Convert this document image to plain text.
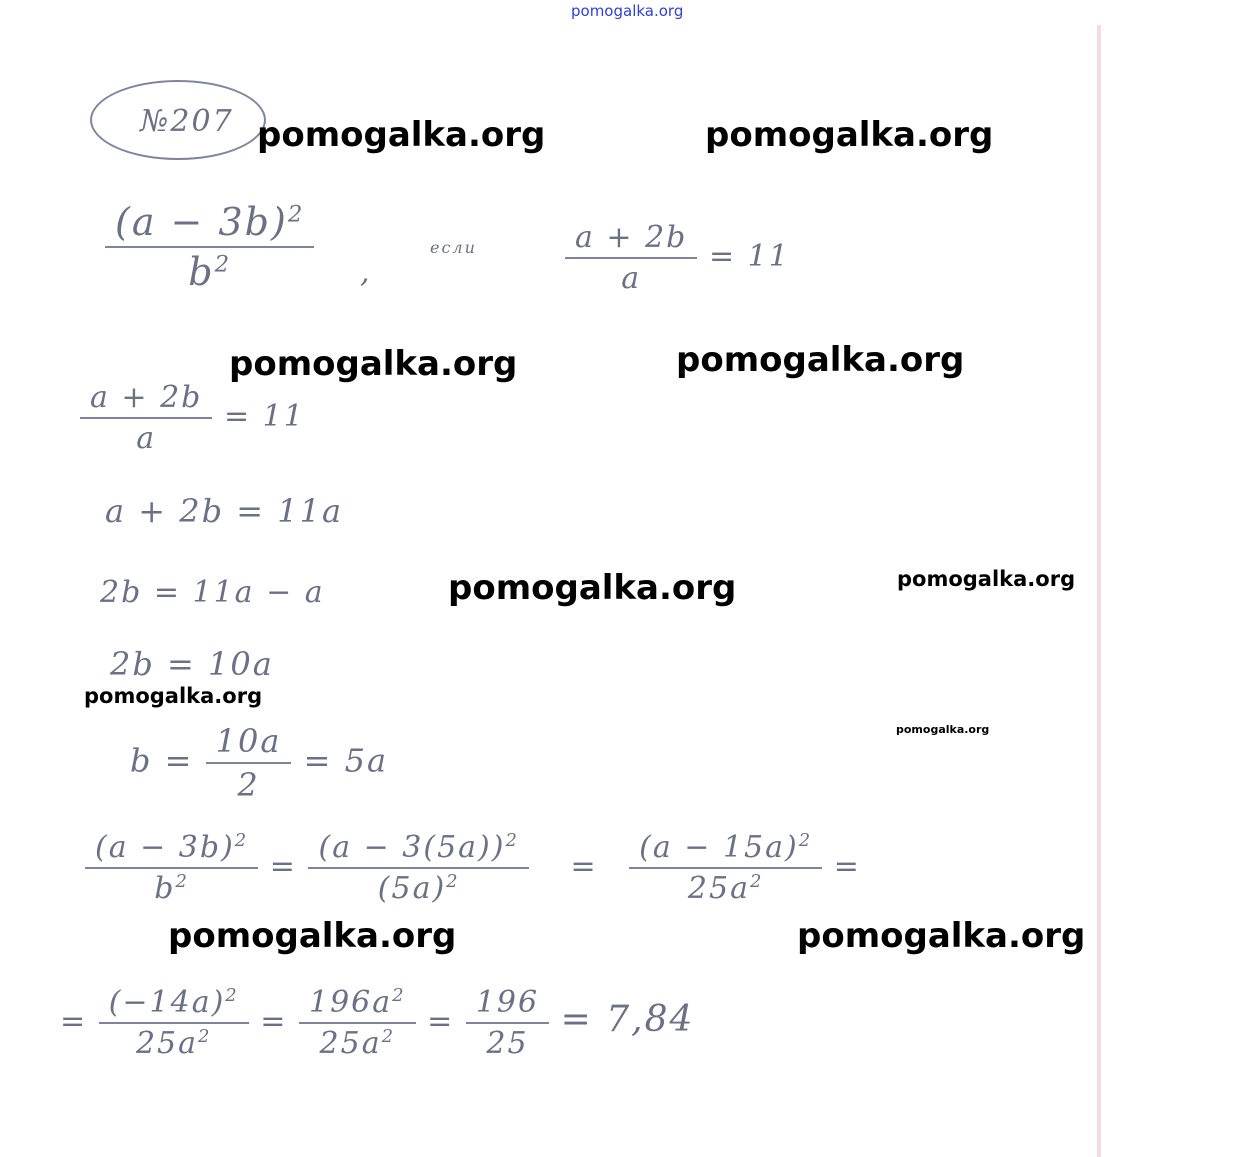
pomogalka.org
№207
$\frac{(a - 3b)^2}{b^2}$ ,
если	$\frac{a + 2b}{a} = 11$
$\frac{a + 2b}{a} = 11$
a + 2b = 11a
2b = 11a − a
2b = 10a
$b = \frac{10a}{2} = 5a$
$\frac{(a - 3b)^2}{b^2} = \frac{(a - 3(5a))^2}{(5a)^2} = \frac{(a - 15a)^2}{25a^2}$ =
= $\frac{(-14a)^2}{25a^2} = \frac{196a^2}{25a^2} = \frac{196}{25} = 7,84$
pomogalka.org	pomogalka.org
pomogalka.org	pomogalka.org
pomogalka.org	pomogalka.org
pomogalka.org
pomogalka.org
pomogalka.org	pomogalka.org
